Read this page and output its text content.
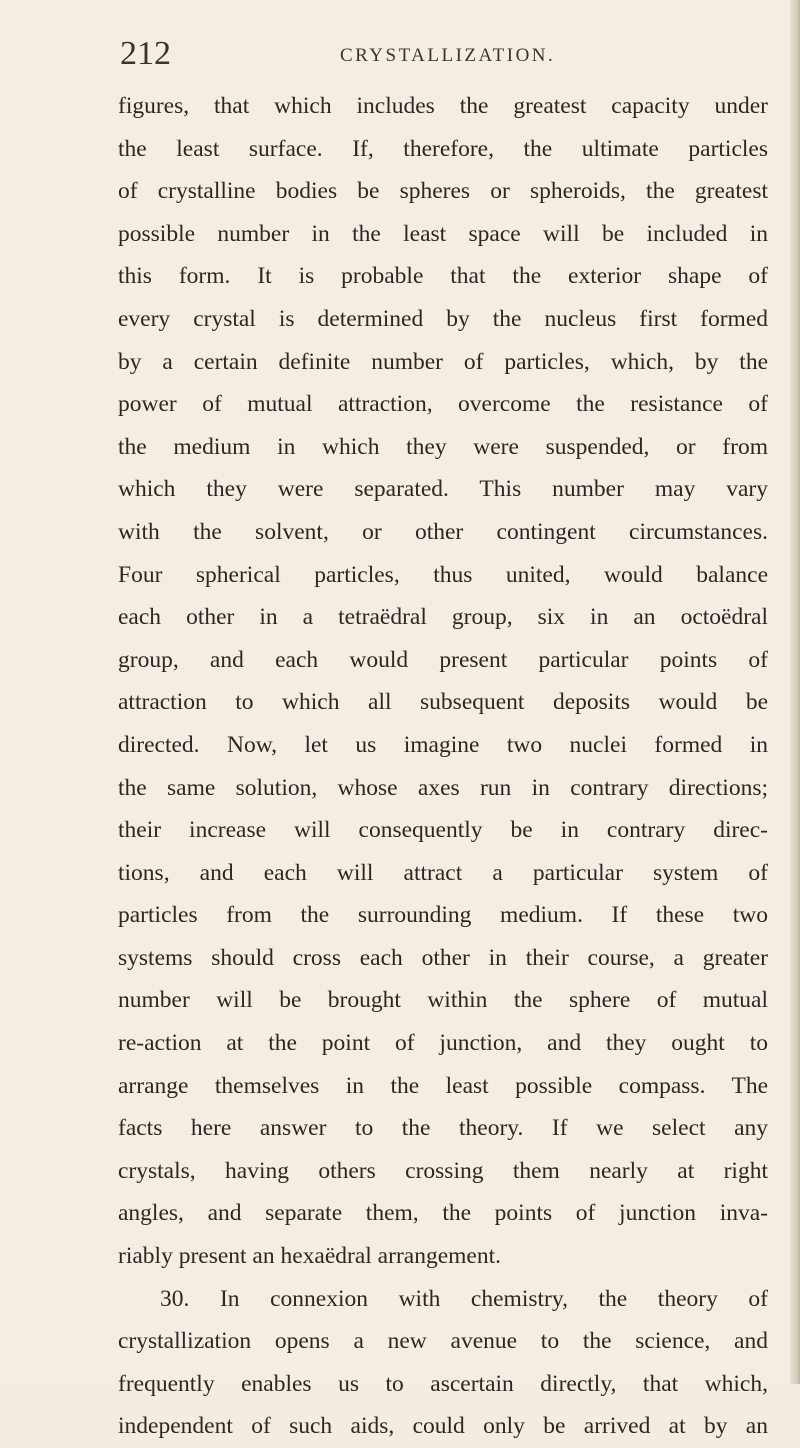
212	CRYSTALLIZATION.
figures, that which includes the greatest capacity under
the least surface. If, therefore, the ultimate particles
of crystalline bodies be spheres or spheroids, the greatest
possible number in the least space will be included in
this form. It is probable that the exterior shape of
every crystal is determined by the nucleus first formed
by a certain definite number of particles, which, by the
power of mutual attraction, overcome the resistance of
the medium in which they were suspended, or from
which they were separated. This number may vary
with the solvent, or other contingent circumstances.
Four spherical particles, thus united, would balance
each other in a tetraëdral group, six in an octoëdral
group, and each would present particular points of
attraction to which all subsequent deposits would be
directed. Now, let us imagine two nuclei formed in
the same solution, whose axes run in contrary directions;
their increase will consequently be in contrary direc-
tions, and each will attract a particular system of
particles from the surrounding medium. If these two
systems should cross each other in their course, a greater
number will be brought within the sphere of mutual
re-action at the point of junction, and they ought to
arrange themselves in the least possible compass. The
facts here answer to the theory. If we select any
crystals, having others crossing them nearly at right
angles, and separate them, the points of junction inva-
riably present an hexaëdral arrangement.
30. In connexion with chemistry, the theory of
crystallization opens a new avenue to the science, and
frequently enables us to ascertain directly, that which,
independent of such aids, could only be arrived at by an
